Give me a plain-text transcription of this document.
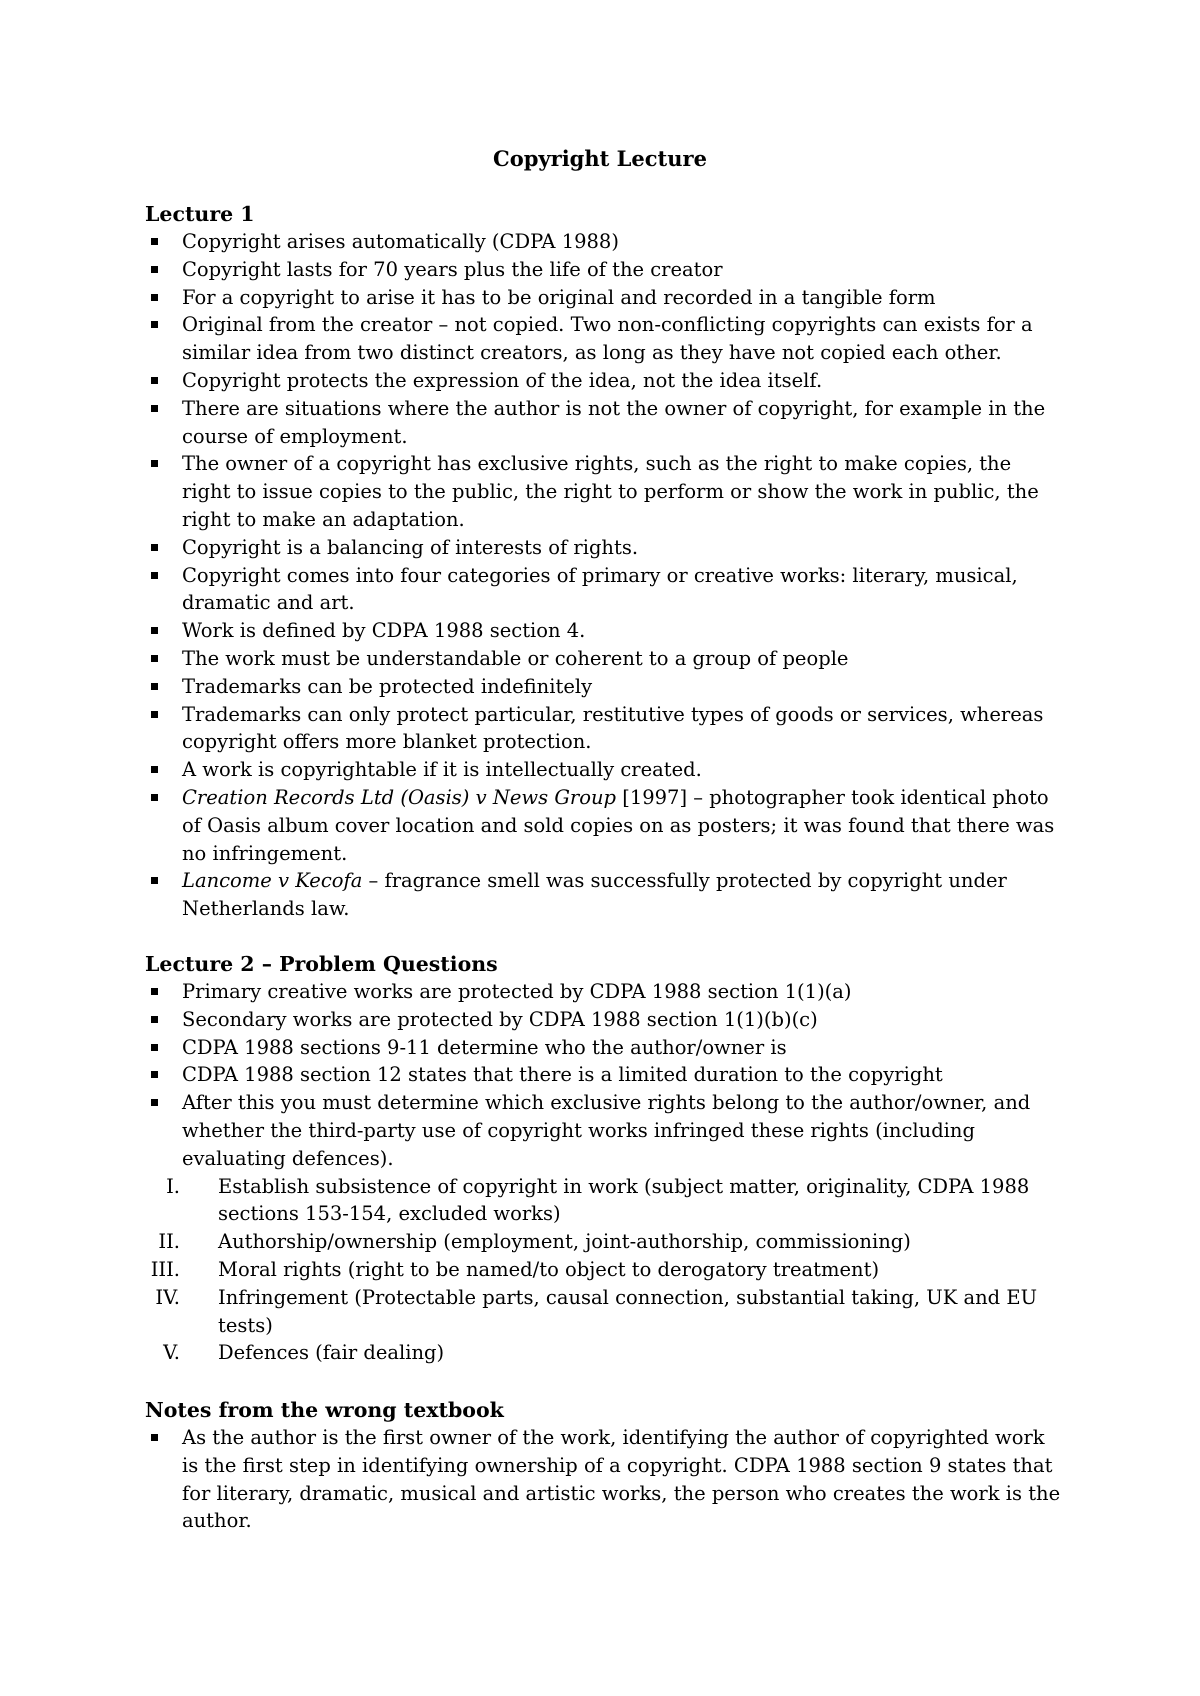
Copyright Lecture

Lecture 1

Copyright arises automatically (CDPA 1988)
Copyright lasts for 70 years plus the life of the creator
For a copyright to arise it has to be original and recorded in a tangible form
Original from the creator – not copied. Two non-conflicting copyrights can exists for a similar idea from two distinct creators, as long as they have not copied each other.
Copyright protects the expression of the idea, not the idea itself.
There are situations where the author is not the owner of copyright, for example in the course of employment.
The owner of a copyright has exclusive rights, such as the right to make copies, the right to issue copies to the public, the right to perform or show the work in public, the right to make an adaptation.
Copyright is a balancing of interests of rights.
Copyright comes into four categories of primary or creative works: literary, musical, dramatic and art.
Work is defined by CDPA 1988 section 4.
The work must be understandable or coherent to a group of people
Trademarks can be protected indefinitely
Trademarks can only protect particular, restitutive types of goods or services, whereas copyright offers more blanket protection.
A work is copyrightable if it is intellectually created.
Creation Records Ltd (Oasis) v News Group [1997] – photographer took identical photo of Oasis album cover location and sold copies on as posters; it was found that there was no infringement.
Lancome v Kecofa – fragrance smell was successfully protected by copyright under Netherlands law.

Lecture 2 – Problem Questions

Primary creative works are protected by CDPA 1988 section 1(1)(a)
Secondary works are protected by CDPA 1988 section 1(1)(b)(c)
CDPA 1988 sections 9-11 determine who the author/owner is
CDPA 1988 section 12 states that there is a limited duration to the copyright
After this you must determine which exclusive rights belong to the author/owner, and whether the third-party use of copyright works infringed these rights (including evaluating defences).
I. Establish subsistence of copyright in work (subject matter, originality, CDPA 1988 sections 153-154, excluded works)
II. Authorship/ownership (employment, joint-authorship, commissioning)
III. Moral rights (right to be named/to object to derogatory treatment)
IV. Infringement (Protectable parts, causal connection, substantial taking, UK and EU tests)
V. Defences (fair dealing)

Notes from the wrong textbook

As the author is the first owner of the work, identifying the author of copyrighted work is the first step in identifying ownership of a copyright. CDPA 1988 section 9 states that for literary, dramatic, musical and artistic works, the person who creates the work is the author.
